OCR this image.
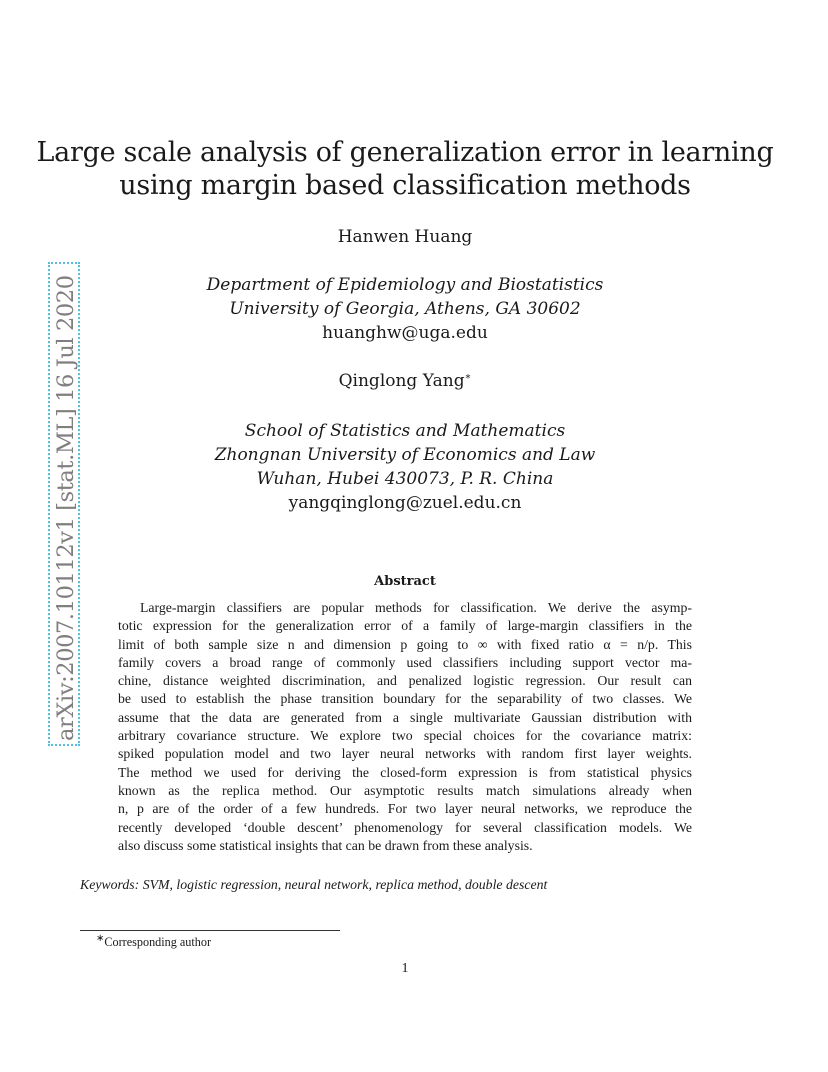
arXiv:2007.10112v1 [stat.ML] 16 Jul 2020
Large scale analysis of generalization error in learning
using margin based classification methods
Hanwen Huang
Department of Epidemiology and Biostatistics
University of Georgia, Athens, GA 30602
huanghw@uga.edu
Qinglong Yang∗
School of Statistics and Mathematics
Zhongnan University of Economics and Law
Wuhan, Hubei 430073, P. R. China
yangqinglong@zuel.edu.cn
Abstract
Large-margin classifiers are popular methods for classification. We derive the asymp-
totic expression for the generalization error of a family of large-margin classifiers in the
limit of both sample size n and dimension p going to ∞ with fixed ratio α = n/p. This
family covers a broad range of commonly used classifiers including support vector ma-
chine, distance weighted discrimination, and penalized logistic regression. Our result can
be used to establish the phase transition boundary for the separability of two classes. We
assume that the data are generated from a single multivariate Gaussian distribution with
arbitrary covariance structure. We explore two special choices for the covariance matrix:
spiked population model and two layer neural networks with random first layer weights.
The method we used for deriving the closed-form expression is from statistical physics
known as the replica method. Our asymptotic results match simulations already when
n, p are of the order of a few hundreds. For two layer neural networks, we reproduce the
recently developed ‘double descent’ phenomenology for several classification models. We
also discuss some statistical insights that can be drawn from these analysis.
Keywords: SVM, logistic regression, neural network, replica method, double descent
∗Corresponding author
1
